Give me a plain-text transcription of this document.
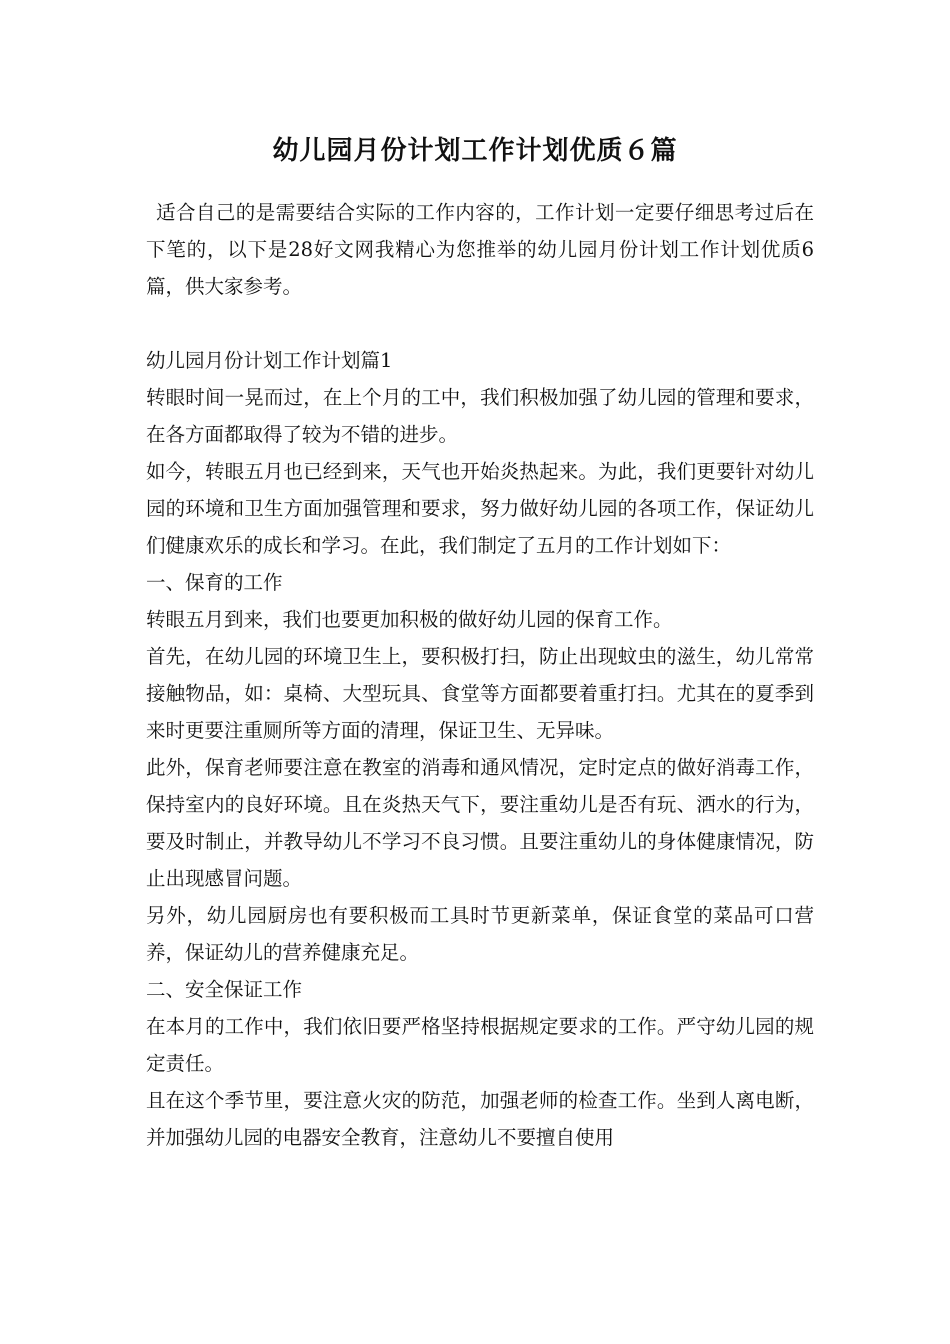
幼儿园月份计划工作计划优质６篇

适合自己的是需要结合实际的工作内容的，工作计划一定要仔细思考过后在下笔的，以下是28好文网我精心为您推举的幼儿园月份计划工作计划优质6篇，供大家参考。

幼儿园月份计划工作计划篇1

转眼时间一晃而过，在上个月的工中，我们积极加强了幼儿园的管理和要求，在各方面都取得了较为不错的进步。

如今，转眼五月也已经到来，天气也开始炎热起来。为此，我们更要针对幼儿园的环境和卫生方面加强管理和要求，努力做好幼儿园的各项工作，保证幼儿们健康欢乐的成长和学习。在此，我们制定了五月的工作计划如下：

一、保育的工作

转眼五月到来，我们也要更加积极的做好幼儿园的保育工作。

首先，在幼儿园的环境卫生上，要积极打扫，防止出现蚊虫的滋生，幼儿常常接触物品，如：桌椅、大型玩具、食堂等方面都要着重打扫。尤其在的夏季到来时更要注重厕所等方面的清理，保证卫生、无异味。

此外，保育老师要注意在教室的消毒和通风情况，定时定点的做好消毒工作，保持室内的良好环境。且在炎热天气下，要注重幼儿是否有玩、洒水的行为，要及时制止，并教导幼儿不学习不良习惯。且要注重幼儿的身体健康情况，防止出现感冒问题。

另外，幼儿园厨房也有要积极而工具时节更新菜单，保证食堂的菜品可口营养，保证幼儿的营养健康充足。

二、安全保证工作

在本月的工作中，我们依旧要严格坚持根据规定要求的工作。严守幼儿园的规定责任。

且在这个季节里，要注意火灾的防范，加强老师的检查工作。坐到人离电断，并加强幼儿园的电器安全教育，注意幼儿不要擅自使用
